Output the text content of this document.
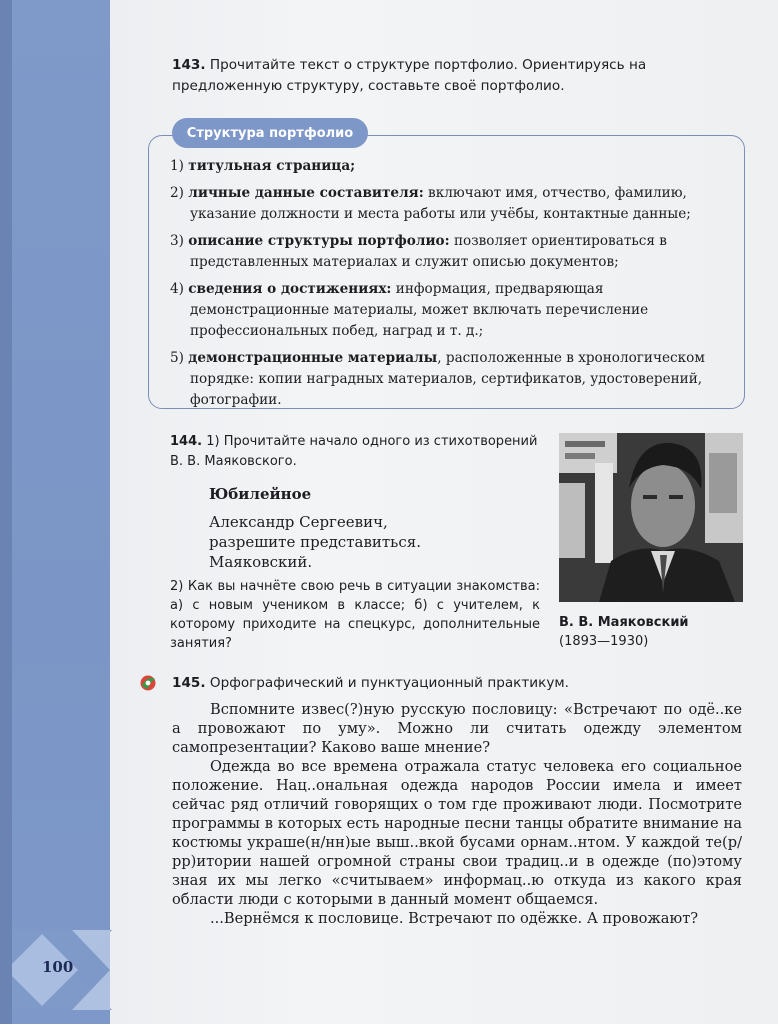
143. Прочитайте текст о структуре портфолио. Ориентируясь на предложенную структуру, составьте своё портфолио.
Структура портфолио
1) титульная страница;
2) личные данные составителя: включают имя, отчество, фамилию, указание должности и места работы или учёбы, контактные данные;
3) описание структуры портфолио: позволяет ориентироваться в представленных материалах и служит описью документов;
4) сведения о достижениях: информация, предваряющая демонстрационные материалы, может включать перечисление профессиональных побед, наград и т. д.;
5) демонстрационные материалы, расположенные в хронологическом порядке: копии наградных материалов, сертификатов, удостоверений, фотографии.
144. 1) Прочитайте начало одного из стихотворений В. В. Маяковского.
Юбилейное
Александр Сергеевич,
разрешите представиться.
Маяковский.
2) Как вы начнёте свою речь в ситуации знакомства: а) с новым учеником в классе; б) с учителем, к которому приходите на спецкурс, дополнительные занятия?
В. В. Маяковский
(1893—1930)
145. Орфографический и пунктуационный практикум.

Вспомните извес(?)ную русскую пословицу: «Встречают по одё..ке а провожают по уму». Можно ли считать одежду элементом самопрезентации? Каково ваше мнение?

Одежда во все времена отражала статус человека его социальное положение. Нац..ональная одежда народов России имела и имеет сейчас ряд отличий говорящих о том где проживают люди. Посмотрите программы в которых есть народные песни танцы обратите внимание на костюмы украше(н/нн)ые выш..вкой бусами орнам..нтом. У каждой те(р/рр)итории нашей огромной страны свои традиц..и в одежде (по)этому зная их мы легко «считываем» информац..ю откуда из какого края области люди с которыми в данный момент общаемся.

...Вернёмся к пословице. Встречают по одёжке. А провожают?

100
